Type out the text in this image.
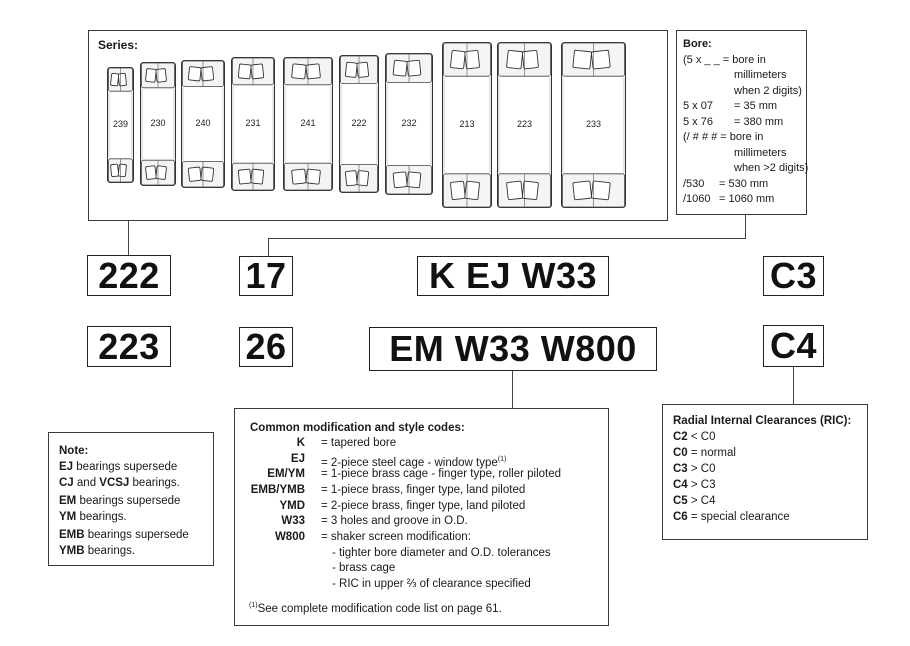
Series:
239	230	240	231	241	222	232	213	223	233
Bore:
(5 x _ _ = bore in
millimeters
when 2 digits)
5 x 07 = 35 mm
5 x 76 = 380 mm
(/ # # # = bore in
millimeters
when >2 digits)
/530 = 530 mm
/1060 = 1060 mm
222
223
17
26
K EJ W33
EM W33 W800
C3
C4
Common modification and style codes:
K = tapered bore
EJ = 2-piece steel cage - window type$^{(1)}$
EM/YM = 1-piece brass cage - finger type, roller piloted
EMB/YMB = 1-piece brass, finger type, land piloted
YMD = 2-piece brass, finger type, land piloted
W33 = 3 holes and groove in O.D.
W800 = shaker screen modification:
- tighter bore diameter and O.D. tolerances
- brass cage
- RIC in upper ⅔ of clearance specified
$^{(1)}$See complete modification code list on page 61.
Radial Internal Clearances (RIC):
C2 < C0
C0 = normal
C3 > C0
C4 > C3
C5 > C4
C6 = special clearance
Note:
EJ bearings supersede
CJ and VCSJ bearings.
EM bearings supersede
YM bearings.
EMB bearings supersede
YMB bearings.
